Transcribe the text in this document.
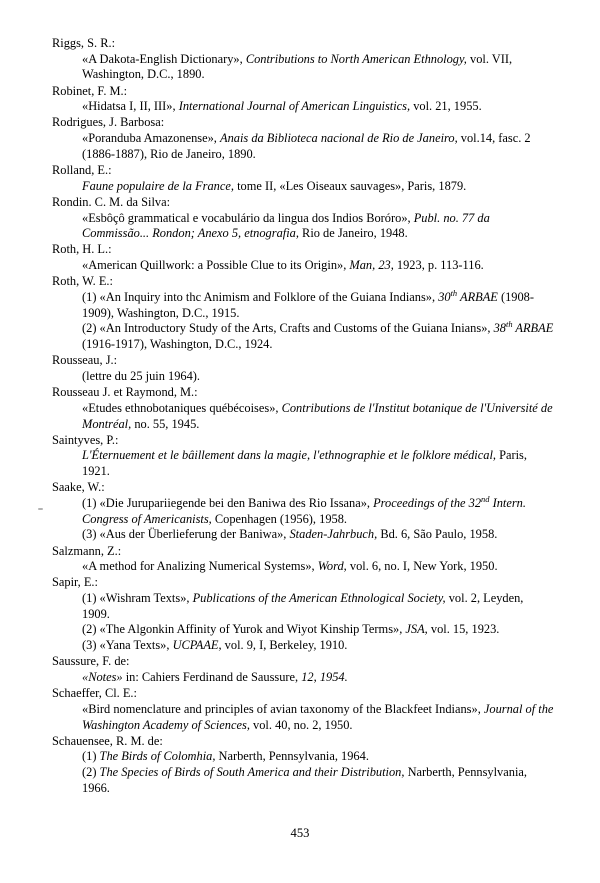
Riggs, S. R.:

«A Dakota-English Dictionary», Contributions to North American Ethnology, vol. VII, Washington, D.C., 1890.

Robinet, F. M.:

«Hidatsa I, II, III», International Journal of American Linguistics, vol. 21, 1955.

Rodrigues, J. Barbosa:

«Poranduba Amazonense», Anais da Biblioteca nacional de Rio de Janeiro, vol.14, fasc. 2 (1886-1887), Rio de Janeiro, 1890.

Rolland, E.:

Faune populaire de la France, tome II, «Les Oiseaux sauvages», Paris, 1879.

Rondin. C. M. da Silva:

«Esbôçô grammatical e vocabulário da lingua dos Indios Boróro», Publ. no. 77 da Commissão... Rondon; Anexo 5, etnografia, Rio de Janeiro, 1948.

Roth, H. L.:

«American Quillwork: a Possible Clue to its Origin», Man, 23, 1923, p. 113-116.

Roth, W. E.:

(1) «An Inquiry into thc Animism and Folklore of the Guiana Indians», 30th ARBAE (1908-1909), Washington, D.C., 1915.

(2) «An Introductory Study of the Arts, Crafts and Customs of the Guiana Inians», 38th ARBAE (1916-1917), Washington, D.C., 1924.

Rousseau, J.:

(lettre du 25 juin 1964).

Rousseau J. et Raymond, M.:

«Etudes ethnobotaniques québécoises», Contributions de l'Institut botanique de l'Université de Montréal, no. 55, 1945.

Saintyves, P.:

L'Éternuement et le bâillement dans la magie, l'ethnographie et le folklore médical, Paris, 1921.

Saake, W.:

(1) «Die Jurupariiegende bei den Baniwa des Rio Issana», Proceedings of the 32nd Intern. Congress of Americanists, Copenhagen (1956), 1958.

(3) «Aus der Überlieferung der Baniwa», Staden-Jahrbuch, Bd. 6, São Paulo, 1958.

Salzmann, Z.:

«A method for Analizing Numerical Systems», Word, vol. 6, no. I, New York, 1950.

Sapir, E.:

(1) «Wishram Texts», Publications of the American Ethnological Society, vol. 2, Leyden, 1909.

(2) «The Algonkin Affinity of Yurok and Wiyot Kinship Terms», JSA, vol. 15, 1923.

(3) «Yana Texts», UCPAAE, vol. 9, I, Berkeley, 1910.

Saussure, F. de:

«Notes» in: Cahiers Ferdinand de Saussure, 12, 1954.

Schaeffer, Cl. E.:

«Bird nomenclature and principles of avian taxonomy of the Blackfeet Indians», Journal of the Washington Academy of Sciences, vol. 40, no. 2, 1950.

Schauensee, R. M. de:

(1) The Birds of Colomhia, Narberth, Pennsylvania, 1964.

(2) The Species of Birds of South America and their Distribution, Narberth, Pennsylvania, 1966.

453
